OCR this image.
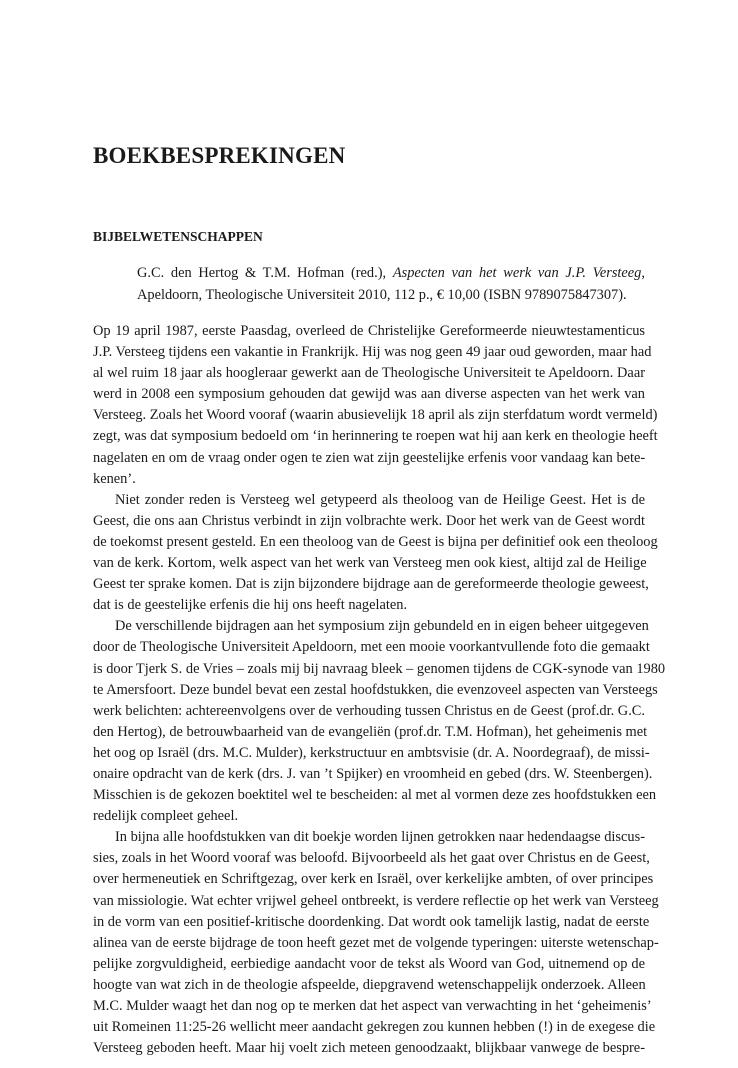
BOEKBESPREKINGEN
BIJBELWETENSCHAPPEN
G.C. den Hertog & T.M. Hofman (red.), Aspecten van het werk van J.P. Versteeg,
Apeldoorn, Theologische Universiteit 2010, 112 p., € 10,00 (ISBN 9789075847307).

Op 19 april 1987, eerste Paasdag, overleed de Christelijke Gereformeerde nieuwtestamenticus
J.P. Versteeg tijdens een vakantie in Frankrijk. Hij was nog geen 49 jaar oud geworden, maar had
al wel ruim 18 jaar als hoogleraar gewerkt aan de Theologische Universiteit te Apeldoorn. Daar
werd in 2008 een symposium gehouden dat gewijd was aan diverse aspecten van het werk van
Versteeg. Zoals het Woord vooraf (waarin abusievelijk 18 april als zijn sterfdatum wordt vermeld)
zegt, was dat symposium bedoeld om ‘in herinnering te roepen wat hij aan kerk en theologie heeft
nagelaten en om de vraag onder ogen te zien wat zijn geestelijke erfenis voor vandaag kan bete-
kenen’.

Niet zonder reden is Versteeg wel getypeerd als theoloog van de Heilige Geest. Het is de
Geest, die ons aan Christus verbindt in zijn volbrachte werk. Door het werk van de Geest wordt
de toekomst present gesteld. En een theoloog van de Geest is bijna per definitief ook een theoloog
van de kerk. Kortom, welk aspect van het werk van Versteeg men ook kiest, altijd zal de Heilige
Geest ter sprake komen. Dat is zijn bijzondere bijdrage aan de gereformeerde theologie geweest,
dat is de geestelijke erfenis die hij ons heeft nagelaten.

De verschillende bijdragen aan het symposium zijn gebundeld en in eigen beheer uitgegeven
door de Theologische Universiteit Apeldoorn, met een mooie voorkantvullende foto die gemaakt
is door Tjerk S. de Vries – zoals mij bij navraag bleek – genomen tijdens de CGK-synode van 1980
te Amersfoort. Deze bundel bevat een zestal hoofdstukken, die evenzoveel aspecten van Versteegs
werk belichten: achtereenvolgens over de verhouding tussen Christus en de Geest (prof.dr. G.C.
den Hertog), de betrouwbaarheid van de evangeliën (prof.dr. T.M. Hofman), het geheimenis met
het oog op Israël (drs. M.C. Mulder), kerkstructuur en ambtsvisie (dr. A. Noordegraaf), de missi-
onaire opdracht van de kerk (drs. J. van ’t Spijker) en vroomheid en gebed (drs. W. Steenbergen).
Misschien is de gekozen boektitel wel te bescheiden: al met al vormen deze zes hoofdstukken een
redelijk compleet geheel.

In bijna alle hoofdstukken van dit boekje worden lijnen getrokken naar hedendaagse discus-
sies, zoals in het Woord vooraf was beloofd. Bijvoorbeeld als het gaat over Christus en de Geest,
over hermeneutiek en Schriftgezag, over kerk en Israël, over kerkelijke ambten, of over principes
van missiologie. Wat echter vrijwel geheel ontbreekt, is verdere reflectie op het werk van Versteeg
in de vorm van een positief-kritische doordenking. Dat wordt ook tamelijk lastig, nadat de eerste
alinea van de eerste bijdrage de toon heeft gezet met de volgende typeringen: uiterste wetenschap-
pelijke zorgvuldigheid, eerbiedige aandacht voor de tekst als Woord van God, uitnemend op de
hoogte van wat zich in de theologie afspeelde, diepgravend wetenschappelijk onderzoek. Alleen
M.C. Mulder waagt het dan nog op te merken dat het aspect van verwachting in het ‘geheimenis’
uit Romeinen 11:25-26 wellicht meer aandacht gekregen zou kunnen hebben (!) in de exegese die
Versteeg geboden heeft. Maar hij voelt zich meteen genoodzaakt, blijkbaar vanwege de bespre-
